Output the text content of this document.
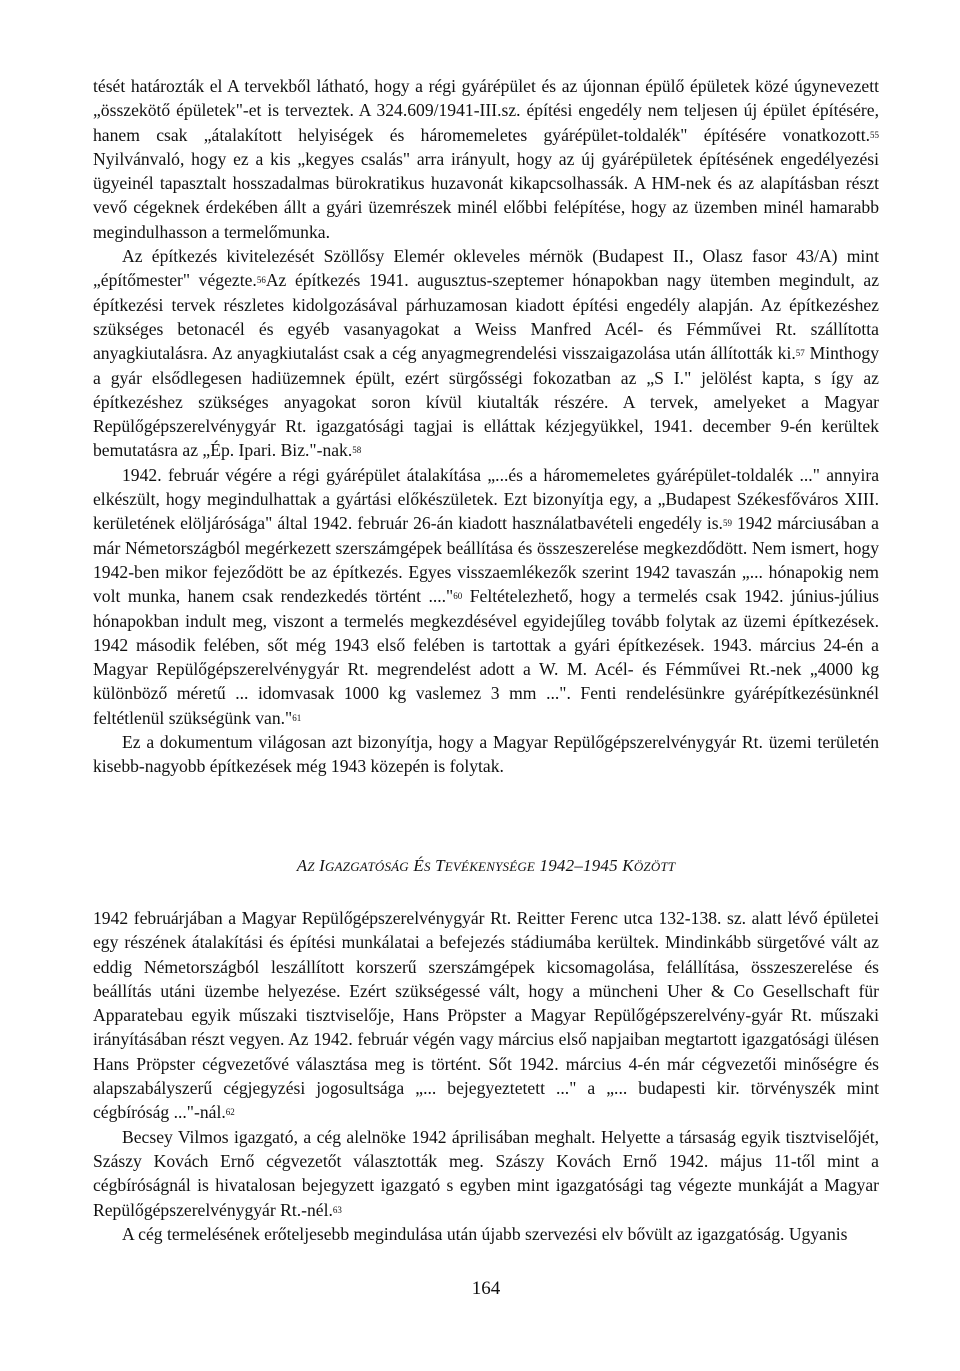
tését határozták el A tervekből látható, hogy a régi gyárépület és az újonnan épülő épületek közé úgynevezett „összekötő épületek"-et is terveztek. A 324.609/1941-III.sz. építési engedély nem teljesen új épület építésére, hanem csak „átalakított helyiségek és háromemeletes gyárépület-toldalék" építésére vonatkozott.$^{55}$ Nyilvánvaló, hogy ez a kis „kegyes csalás" arra irányult, hogy az új gyárépületek építésének engedélyezési ügyeinél tapasztalt hosszadalmas bürokratikus huzavonát kikapcsolhassák. A HM-nek és az alapításban részt vevő cégeknek érdekében állt a gyári üzemrészek minél előbbi felépítése, hogy az üzemben minél hamarabb megindulhasson a termelőmunka.

Az építkezés kivitelezését Szöllősy Elemér okleveles mérnök (Budapest II., Olasz fasor 43/A) mint „építőmester" végezte.$^{56}$Az építkezés 1941. augusztus-szeptemer hónapokban nagy ütemben megindult, az építkezési tervek részletes kidolgozásával párhuzamosan kiadott építési engedély alapján. Az építkezéshez szükséges betonacél és egyéb vasanyagokat a Weiss Manfred Acél- és Fémművei Rt. szállította anyagkiutalásra. Az anyagkiutalást csak a cég anyagmegrendelési visszaigazolása után állították ki.$^{57}$ Minthogy a gyár elsődlegesen hadiüzemnek épült, ezért sürgősségi fokozatban az „S I." jelölést kapta, s így az építkezéshez szükséges anyagokat soron kívül kiutalták részére. A tervek, amelyeket a Magyar Repülőgépszerelvénygyár Rt. igazgatósági tagjai is elláttak kézjegyükkel, 1941. december 9-én kerültek bemutatásra az „Ép. Ipari. Biz."-nak.$^{58}$

1942. február végére a régi gyárépület átalakítása „...és a háromemeletes gyárépület-toldalék ..." annyira elkészült, hogy megindulhattak a gyártási előkészületek. Ezt bizonyítja egy, a „Budapest Székesfőváros XIII. kerületének elöljárósága" által 1942. február 26-án kiadott használatbavételi engedély is.$^{59}$ 1942 márciusában a már Németországból megérkezett szerszámgépek beállítása és összeszerelése megkezdődött. Nem ismert, hogy 1942-ben mikor fejeződött be az építkezés. Egyes visszaemlékezők szerint 1942 tavaszán „... hónapokig nem volt munka, hanem csak rendezkedés történt ...."$^{60}$ Feltételezhető, hogy a termelés csak 1942. június-július hónapokban indult meg, viszont a termelés megkezdésével egyidejűleg tovább folytak az üzemi építkezések. 1942 második felében, sőt még 1943 első felében is tartottak a gyári építkezések. 1943. március 24-én a Magyar Repülőgépszerelvénygyár Rt. megrendelést adott a W. M. Acél- és Fémművei Rt.-nek „4000 kg különböző méretű ... idomvasak 1000 kg vaslemez 3 mm ...". Fenti rendelésünkre gyárépítkezésünknél feltétlenül szükségünk van."$^{61}$

Ez a dokumentum világosan azt bizonyítja, hogy a Magyar Repülőgépszerelvénygyár Rt. üzemi területén kisebb-nagyobb építkezések még 1943 közepén is folytak.

AZ IGAZGATÓSÁG ÉS TEVÉKENYSÉGE 1942–1945 KÖZÖTT

1942 februárjában a Magyar Repülőgépszerelvénygyár Rt. Reitter Ferenc utca 132-138. sz. alatt lévő épületei egy részének átalakítási és építési munkálatai a befejezés stádiumába kerültek. Mindinkább sürgetővé vált az eddig Németországból leszállított korszerű szerszámgépek kicsomagolása, felállítása, összeszerelése és beállítás utáni üzembe helyezése. Ezért szükségessé vált, hogy a müncheni Uher & Co Gesellschaft für Apparatebau egyik műszaki tisztviselője, Hans Pröpster a Magyar Repülőgépszerelvény-gyár Rt. műszaki irányításában részt vegyen. Az 1942. február végén vagy március első napjaiban megtartott igazgatósági ülésen Hans Pröpster cégvezetővé választása meg is történt. Sőt 1942. március 4-én már cégvezetői minőségre és alapszabályszerű cégjegyzési jogosultsága „... bejegyeztetett ..." a „... budapesti kir. törvényszék mint cégbíróság ..."-nál.$^{62}$

Becsey Vilmos igazgató, a cég alelnöke 1942 áprilisában meghalt. Helyette a társaság egyik tisztviselőjét, Szászy Kovách Ernő cégvezetőt választották meg. Szászy Kovách Ernő 1942. május 11-től mint a cégbíróságnál is hivatalosan bejegyzett igazgató s egyben mint igazgatósági tag végezte munkáját a Magyar Repülőgépszerelvénygyár Rt.-nél.$^{63}$

A cég termelésének erőteljesebb megindulása után újabb szervezési elv bővült az igazgatóság. Ugyanis

164
